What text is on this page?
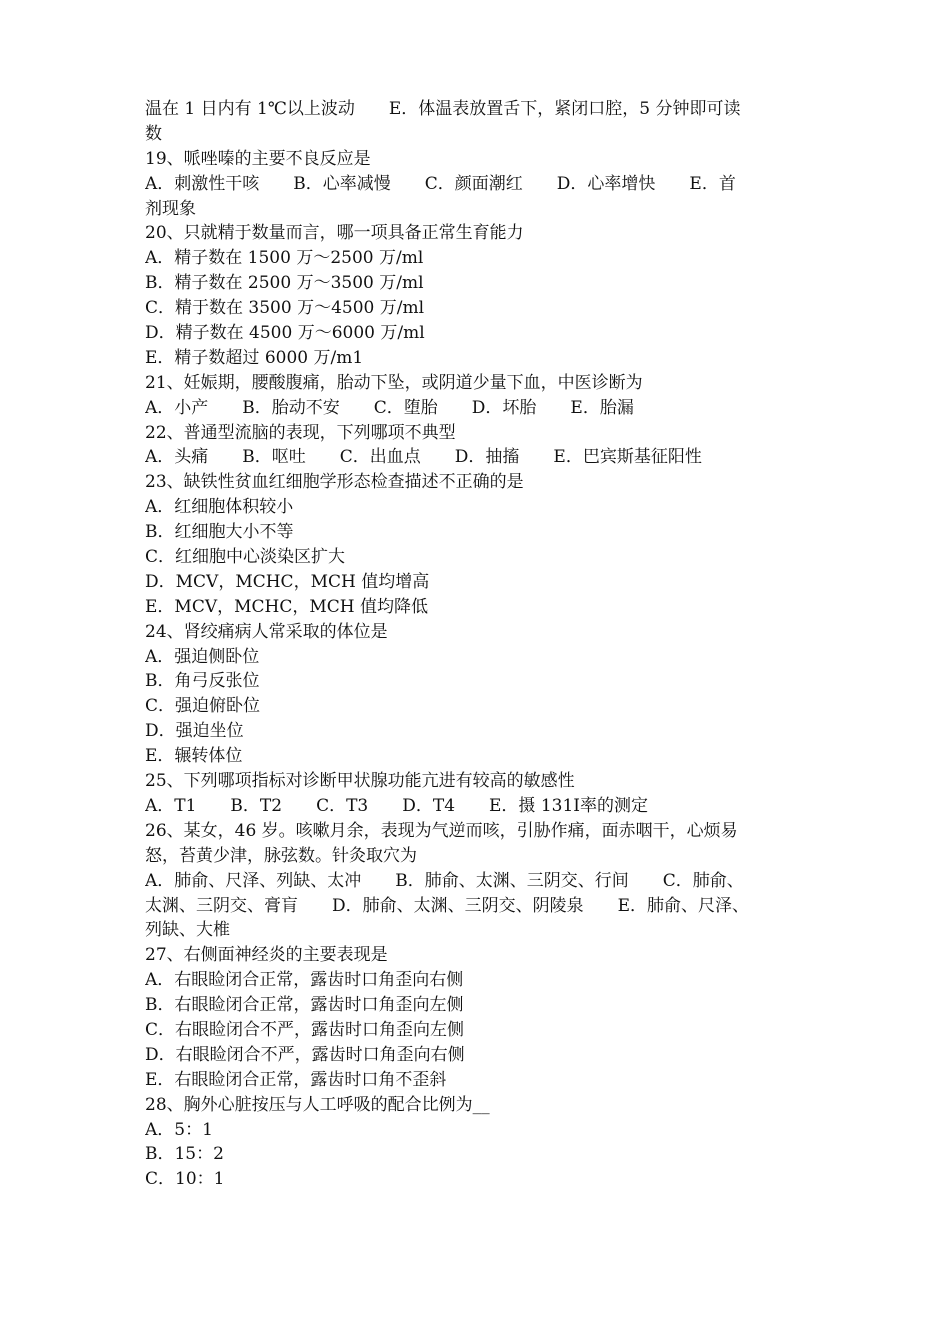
温在 1 日内有 1℃以上波动　　E．体温表放置舌下，紧闭口腔，5 分钟即可读
数
19、哌唑嗪的主要不良反应是
A．刺激性干咳　　B．心率减慢　　C．颜面潮红　　D．心率增快　　E．首
剂现象
20、只就精于数量而言，哪一项具备正常生育能力
A．精子数在 1500 万～2500 万/ml
B．精子数在 2500 万～3500 万/ml
C．精于数在 3500 万～4500 万/ml
D．精子数在 4500 万～6000 万/ml
E．精子数超过 6000 万/m1
21、妊娠期，腰酸腹痛，胎动下坠，或阴道少量下血，中医诊断为
A．小产　　B．胎动不安　　C．堕胎　　D．坏胎　　E．胎漏
22、普通型流脑的表现，下列哪项不典型
A．头痛　　B．呕吐　　C．出血点　　D．抽搐　　E．巴宾斯基征阳性
23、缺铁性贫血红细胞学形态检查描述不正确的是
A．红细胞体积较小
B．红细胞大小不等
C．红细胞中心淡染区扩大
D．MCV，MCHC，MCH 值均增高
E．MCV，MCHC，MCH 值均降低
24、肾绞痛病人常采取的体位是
A．强迫侧卧位
B．角弓反张位
C．强迫俯卧位
D．强迫坐位
E．辗转体位
25、下列哪项指标对诊断甲状腺功能亢进有较高的敏感性
A．T1　　B．T2　　C．T3　　D．T4　　E．摄 131Ⅰ率的测定
26、某女，46 岁。咳嗽月余，表现为气逆而咳，引胁作痛，面赤咽干，心烦易
怒，苔黄少津，脉弦数。针灸取穴为
A．肺俞、尺泽、列缺、太冲　　B．肺俞、太渊、三阴交、行间　　C．肺俞、
太渊、三阴交、膏肓　　D．肺俞、太渊、三阴交、阴陵泉　　E．肺俞、尺泽、
列缺、大椎
27、右侧面神经炎的主要表现是
A．右眼睑闭合正常，露齿时口角歪向右侧
B．右眼睑闭合正常，露齿时口角歪向左侧
C．右眼睑闭合不严，露齿时口角歪向左侧
D．右眼睑闭合不严，露齿时口角歪向右侧
E．右眼睑闭合正常，露齿时口角不歪斜
28、胸外心脏按压与人工呼吸的配合比例为__
A．5：1
B．15：2
C．10：1
